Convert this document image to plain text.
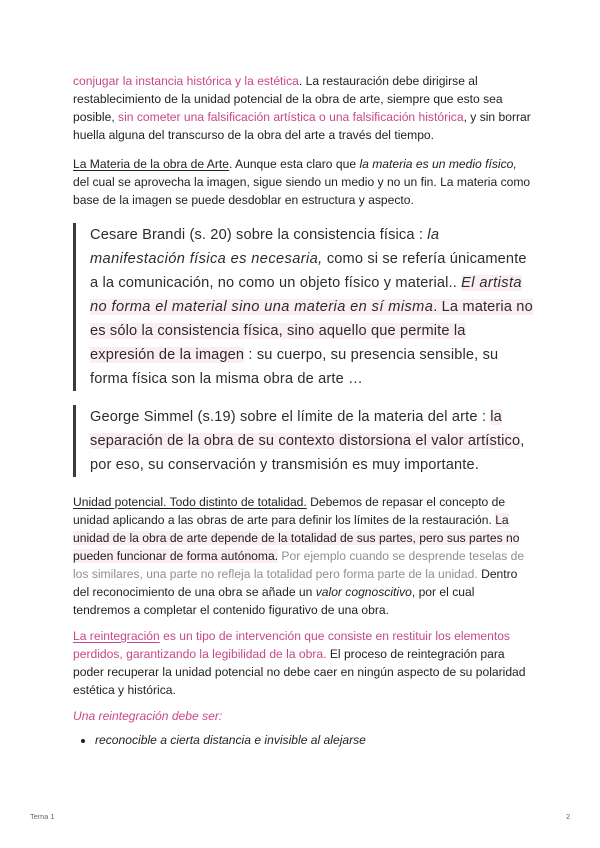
conjugar la instancia histórica y la estética. La restauración debe dirigirse al restablecimiento de la unidad potencial de la obra de arte, siempre que esto sea posible, sin cometer una falsificación artística o una falsificación histórica, y sin borrar huella alguna del transcurso de la obra del arte a través del tiempo.

La Materia de la obra de Arte. Aunque esta claro que la materia es un medio físico, del cual se aprovecha la imagen, sigue siendo un medio y no un fin. La materia como base de la imagen se puede desdoblar en estructura y aspecto.

Cesare Brandi (s. 20) sobre la consistencia física : la manifestación física es necesaria, como si se refería únicamente a la comunicación, no como un objeto físico y material.. El artista no forma el material sino una materia en sí misma. La materia no es sólo la consistencia física, sino aquello que permite la expresión de la imagen : su cuerpo, su presencia sensible, su forma física son la misma obra de arte …
George Simmel (s.19) sobre el límite de la materia del arte : la separación de la obra de su contexto distorsiona el valor artístico, por eso, su conservación y transmisión es muy importante.

Unidad potencial. Todo distinto de totalidad. Debemos de repasar el concepto de unidad aplicando a las obras de arte para definir los límites de la restauración. La unidad de la obra de arte depende de la totalidad de sus partes, pero sus partes no pueden funcionar de forma autónoma. Por ejemplo cuando se desprende teselas de los similares, una parte no refleja la totalidad pero forma parte de la unidad. Dentro del reconocimiento de una obra se añade un valor cognoscitivo, por el cual tendremos a completar el contenido figurativo de una obra.

La reintegración es un tipo de intervención que consiste en restituir los elementos perdidos, garantizando la legibilidad de la obra. El proceso de reintegración para poder recuperar la unidad potencial no debe caer en ningún aspecto de su polaridad estética y histórica.

Una reintegración debe ser:

• reconocible a cierta distancia e invisible al alejarse
Tema 1	2
